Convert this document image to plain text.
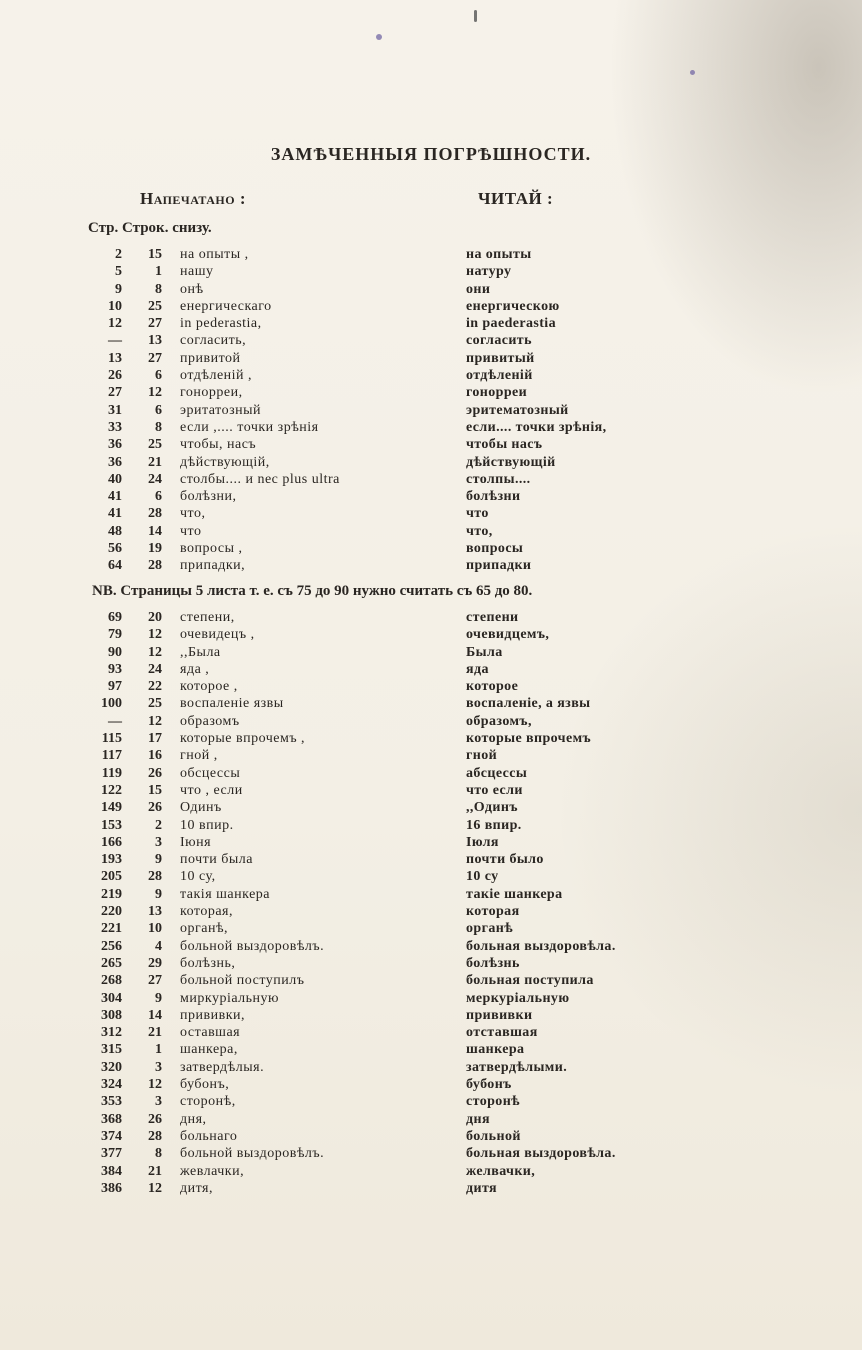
ЗАМѢЧЕННЫЯ ПОГРѢШНОСТИ.
Напечатано :	ЧИТАЙ :
Стр. Строк. снизу.
2	15 на опыты ,	на опыты
5	1 нашу	натуру
9	8 онѣ	они
10	25 енергическаго	енергическою
12	27 in pederastia,	in paederastia
—	13 согласить,	согласить
13	27 привитой	привитый
26	6 отдѣленій ,	отдѣленій
27	12 гонорреи,	гонорреи
31	6 эритатозный	эритематозный
33	8 если ,.... точки зрѣнія	если.... точки зрѣнія,
36	25 чтобы, насъ	чтобы насъ
36	21 дѣйствующій,	дѣйствующій
40	24 столбы.... и nec plus ultra	столпы....
41	6 болѣзни,	болѣзни
41	28 что,	что
48	14 что	что,
56	19 вопросы ,	вопросы
64	28 припадки,	припадки
NB. Страницы 5 листа т. е. съ 75 до 90 нужно считать съ 65 до 80.
69	20 степени,	степени
79	12 очевидецъ ,	очевидцемъ,
90	12 ,,Была	Была
93	24 яда ,	яда
97	22 которое ,	которое
100	25 воспаленіе язвы	воспаленіе, а язвы
—	12 образомъ	образомъ,
115	17 которые впрочемъ ,	которые впрочемъ
117	16 гной ,	гной
119	26 обсцессы	абсцессы
122	15 что , если	что если
149	26 Одинъ	,,Одинъ
153	2 10 впир.	16 впир.
166	3 Іюня	Іюля
193	9 почти была	почти было
205	28 10 су,	10 су
219	9 такія шанкера	такіе шанкера
220	13 которая,	которая
221	10 органѣ,	органѣ
256	4 больной выздоровѣлъ.	больная выздоровѣла.
265	29 болѣзнь,	болѣзнь
268	27 больной поступилъ	больная поступила
304	9 миркуріальную	меркуріальную
308	14 прививки,	прививки
312	21 оставшая	отставшая
315	1 шанкера,	шанкера
320	3 затвердѣлыя.	затвердѣлыми.
324	12 бубонъ,	бубонъ
353	3 сторонѣ,	сторонѣ
368	26 дня,	дня
374	28 больнаго	больной
377	8 больной выздоровѣлъ.	больная выздоровѣла.
384	21 жевлачки,	желвачки,
386	12 дитя,	дитя
